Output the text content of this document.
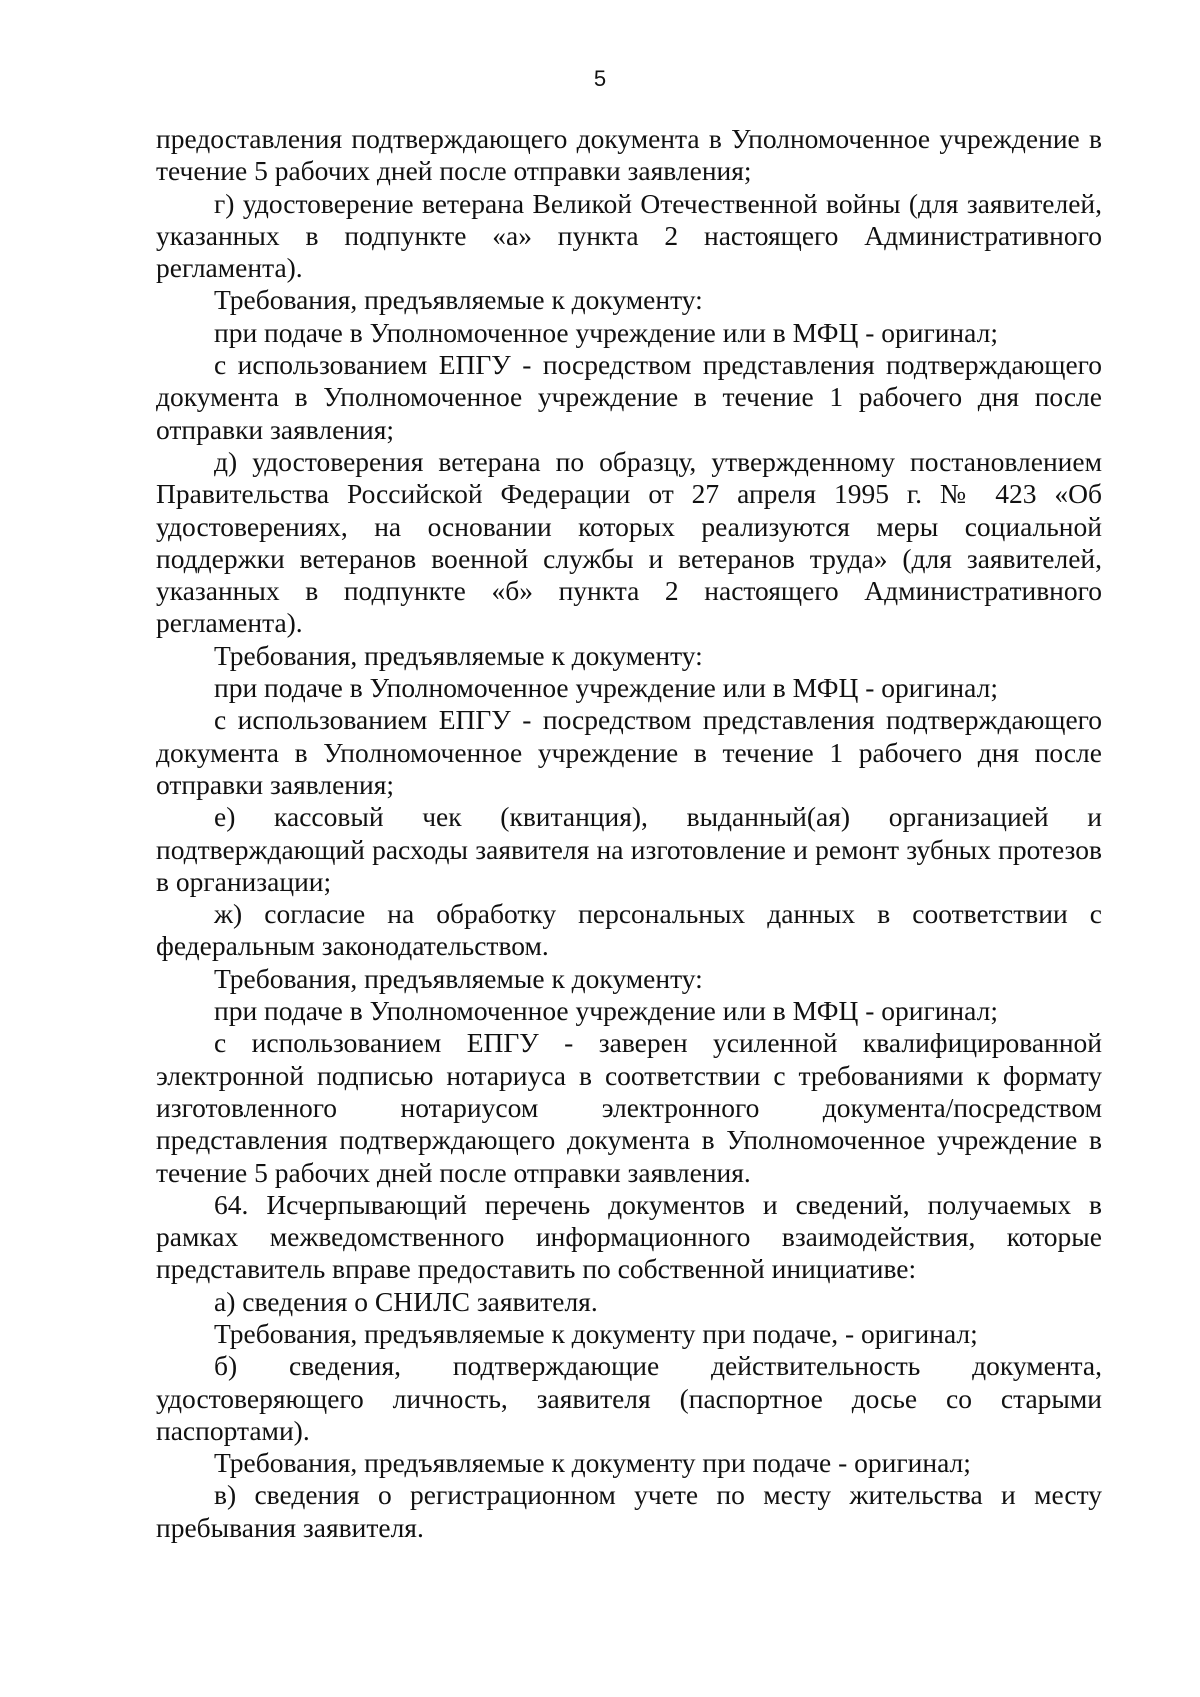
5

предоставления подтверждающего документа в Уполномоченное учреждение в течение 5 рабочих дней после отправки заявления;

г) удостоверение ветерана Великой Отечественной войны (для заявителей, указанных в подпункте «а» пункта 2 настоящего Административного регламента).

Требования, предъявляемые к документу:

при подаче в Уполномоченное учреждение или в МФЦ - оригинал;

с использованием ЕПГУ - посредством представления подтверждающего документа в Уполномоченное учреждение в течение 1 рабочего дня после отправки заявления;

д) удостоверения ветерана по образцу, утвержденному постановлением Правительства Российской Федерации от 27 апреля 1995 г. № 423 «Об удостоверениях, на основании которых реализуются меры социальной поддержки ветеранов военной службы и ветеранов труда» (для заявителей, указанных в подпункте «б» пункта 2 настоящего Административного регламента).

Требования, предъявляемые к документу:

при подаче в Уполномоченное учреждение или в МФЦ - оригинал;

с использованием ЕПГУ - посредством представления подтверждающего документа в Уполномоченное учреждение в течение 1 рабочего дня после отправки заявления;

е) кассовый чек (квитанция), выданный(ая) организацией и подтверждающий расходы заявителя на изготовление и ремонт зубных протезов в организации;

ж) согласие на обработку персональных данных в соответствии с федеральным законодательством.

Требования, предъявляемые к документу:

при подаче в Уполномоченное учреждение или в МФЦ - оригинал;

с использованием ЕПГУ - заверен усиленной квалифицированной электронной подписью нотариуса в соответствии с требованиями к формату изготовленного нотариусом электронного документа/посредством представления подтверждающего документа в Уполномоченное учреждение в течение 5 рабочих дней после отправки заявления.

64. Исчерпывающий перечень документов и сведений, получаемых в рамках межведомственного информационного взаимодействия, которые представитель вправе предоставить по собственной инициативе:

а) сведения о СНИЛС заявителя.

Требования, предъявляемые к документу при подаче, - оригинал;

б) сведения, подтверждающие действительность документа, удостоверяющего личность, заявителя (паспортное досье со старыми паспортами).

Требования, предъявляемые к документу при подаче - оригинал;

в) сведения о регистрационном учете по месту жительства и месту пребывания заявителя.
